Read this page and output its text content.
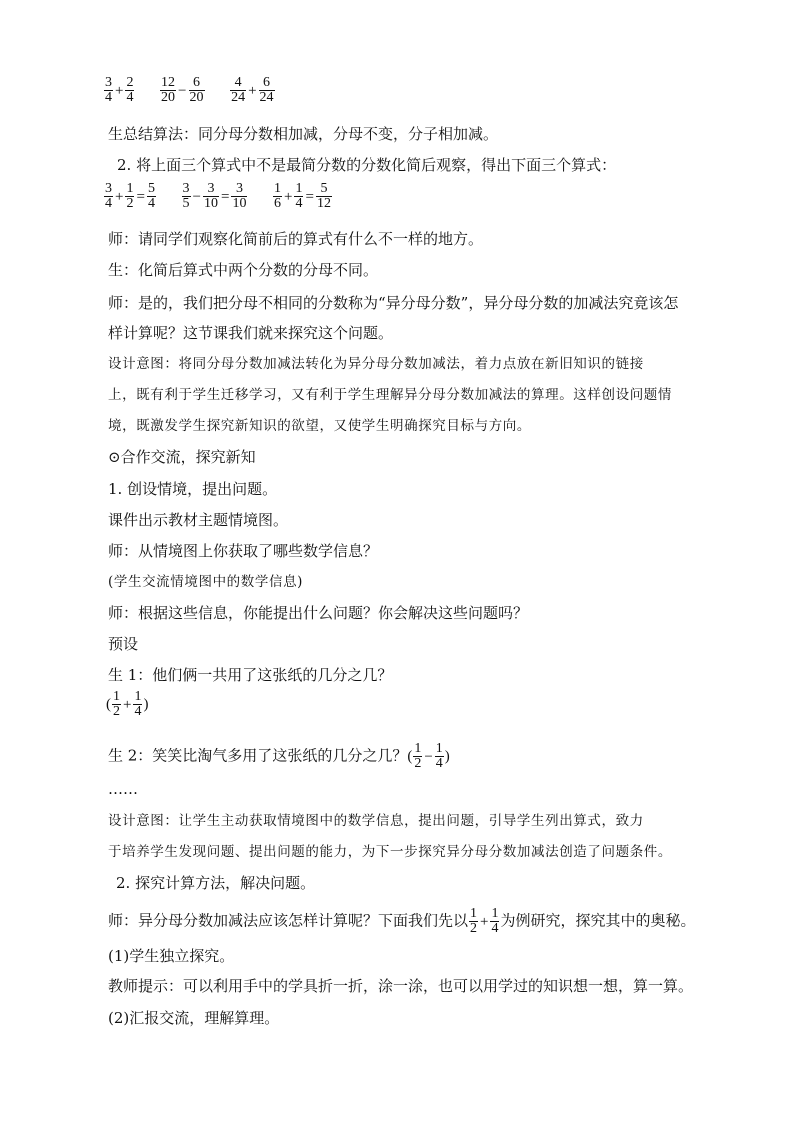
$\frac{3}{4} + \frac{2}{4}$
$\frac{12}{20} - \frac{6}{20}$
$\frac{4}{24} + \frac{6}{24}$
生总结算法：同分母分数相加减，分母不变，分子相加减。
2. 将上面三个算式中不是最简分数的分数化简后观察，得出下面三个算式：
$\frac{3}{4} + \frac{1}{2} = \frac{5}{4}$
$\frac{3}{5} - \frac{3}{10} = \frac{3}{10}$
$\frac{1}{6} + \frac{1}{4} = \frac{5}{12}$
师：请同学们观察化简前后的算式有什么不一样的地方。
生：化简后算式中两个分数的分母不同。
师：是的，我们把分母不相同的分数称为“异分母分数”，异分母分数的加减法究竟该怎
样计算呢？这节课我们就来探究这个问题。
设计意图：将同分母分数加减法转化为异分母分数加减法，着力点放在新旧知识的链接
上，既有利于学生迁移学习，又有利于学生理解异分母分数加减法的算理。这样创设问题情
境，既激发学生探究新知识的欲望，又使学生明确探究目标与方向。
⊙合作交流，探究新知
1. 创设情境，提出问题。
课件出示教材主题情境图。
师：从情境图上你获取了哪些数学信息？
(学生交流情境图中的数学信息)
师：根据这些信息，你能提出什么问题？你会解决这些问题吗？
预设
生 1：他们俩一共用了这张纸的几分之几？
( $\frac{1}{2} + \frac{1}{4}$ )
生 2：笑笑比淘气多用了这张纸的几分之几？( $\frac{1}{2} - \frac{1}{4}$ )
……
设计意图：让学生主动获取情境图中的数学信息，提出问题，引导学生列出算式，致力
于培养学生发现问题、提出问题的能力，为下一步探究异分母分数加减法创造了问题条件。
2. 探究计算方法，解决问题。
师：异分母分数加减法应该怎样计算呢？下面我们先以 $\frac{1}{2} + \frac{1}{4}$ 为例研究，探究其中的奥秘。
(1)学生独立探究。
教师提示：可以利用手中的学具折一折，涂一涂，也可以用学过的知识想一想，算一算。
(2)汇报交流，理解算理。
